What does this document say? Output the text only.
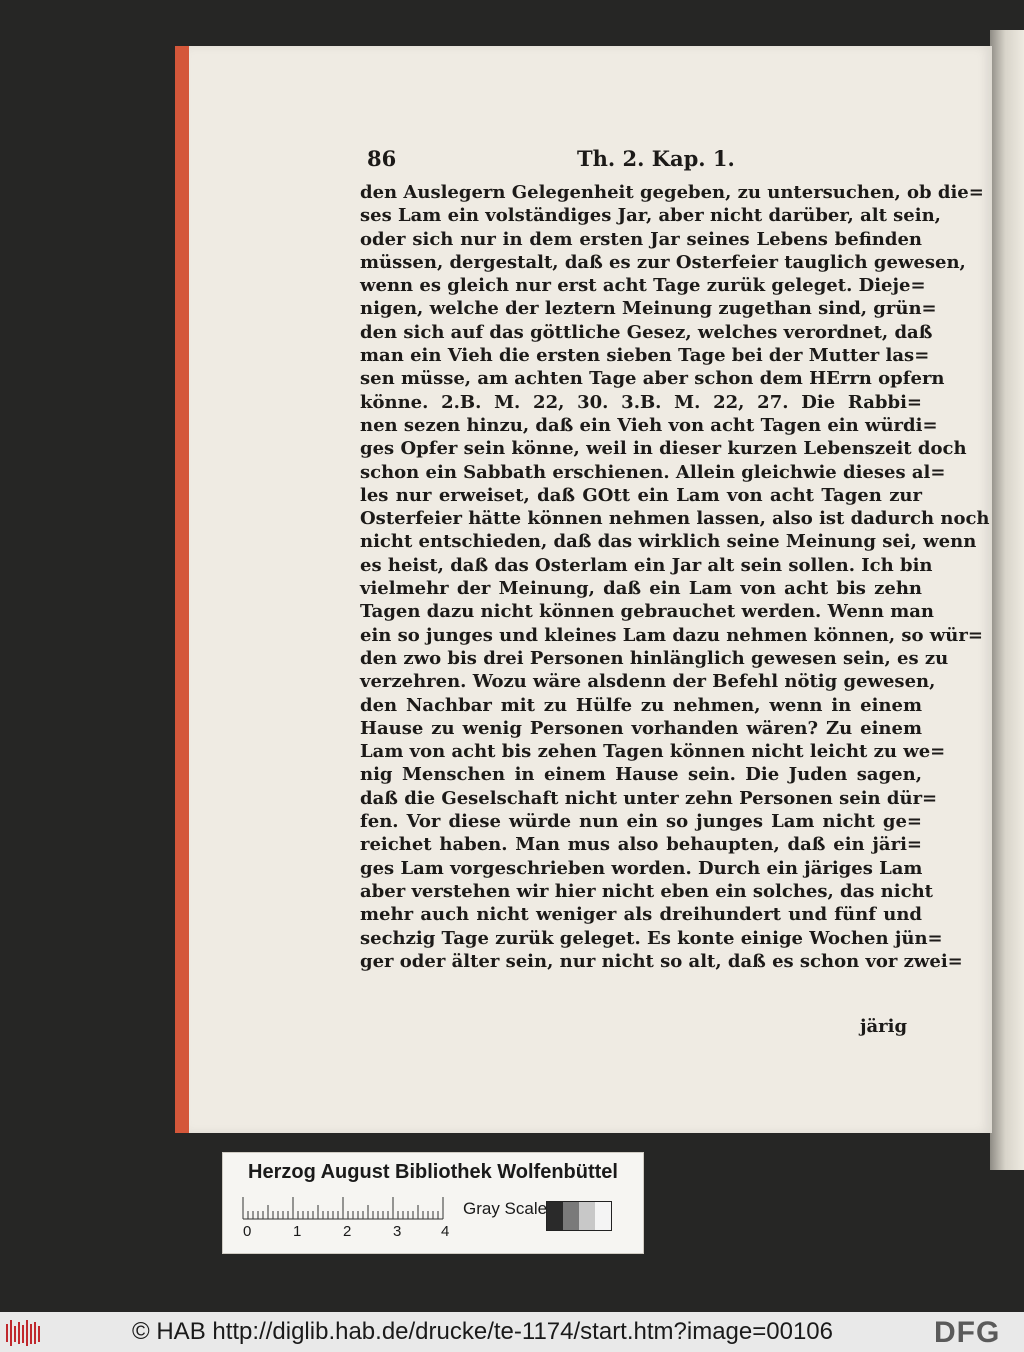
86	Th. 2. Kap. 1.
den Auslegern Gelegenheit gegeben, zu untersuchen, ob die=
ses Lam ein volständiges Jar, aber nicht darüber, alt sein,
oder sich nur in dem ersten Jar seines Lebens befinden
müssen, dergestalt, daß es zur Osterfeier tauglich gewesen,
wenn es gleich nur erst acht Tage zurük geleget. Dieje=
nigen, welche der leztern Meinung zugethan sind, grün=
den sich auf das göttliche Gesez, welches verordnet, daß
man ein Vieh die ersten sieben Tage bei der Mutter las=
sen müsse, am achten Tage aber schon dem HErrn opfern
könne. 2.B. M. 22, 30. 3.B. M. 22, 27. Die Rabbi=
nen sezen hinzu, daß ein Vieh von acht Tagen ein würdi=
ges Opfer sein könne, weil in dieser kurzen Lebenszeit doch
schon ein Sabbath erschienen. Allein gleichwie dieses al=
les nur erweiset, daß GOtt ein Lam von acht Tagen zur
Osterfeier hätte können nehmen lassen, also ist dadurch noch
nicht entschieden, daß das wirklich seine Meinung sei, wenn
es heist, daß das Osterlam ein Jar alt sein sollen. Ich bin
vielmehr der Meinung, daß ein Lam von acht bis zehn
Tagen dazu nicht können gebrauchet werden. Wenn man
ein so junges und kleines Lam dazu nehmen können, so wür=
den zwo bis drei Personen hinlänglich gewesen sein, es zu
verzehren. Wozu wäre alsdenn der Befehl nötig gewesen,
den Nachbar mit zu Hülfe zu nehmen, wenn in einem
Hause zu wenig Personen vorhanden wären? Zu einem
Lam von acht bis zehen Tagen können nicht leicht zu we=
nig Menschen in einem Hause sein. Die Juden sagen,
daß die Geselschaft nicht unter zehn Personen sein dür=
fen. Vor diese würde nun ein so junges Lam nicht ge=
reichet haben. Man mus also behaupten, daß ein järi=
ges Lam vorgeschrieben worden. Durch ein järiges Lam
aber verstehen wir hier nicht eben ein solches, das nicht
mehr auch nicht weniger als dreihundert und fünf und
sechzig Tage zurük geleget. Es konte einige Wochen jün=
ger oder älter sein, nur nicht so alt, daß es schon vor zwei=
järig
Herzog August Bibliothek Wolfenbüttel
0	1	2	3	4
Gray Scale
© HAB http://diglib.hab.de/drucke/te-1174/start.htm?image=00106	DFG
